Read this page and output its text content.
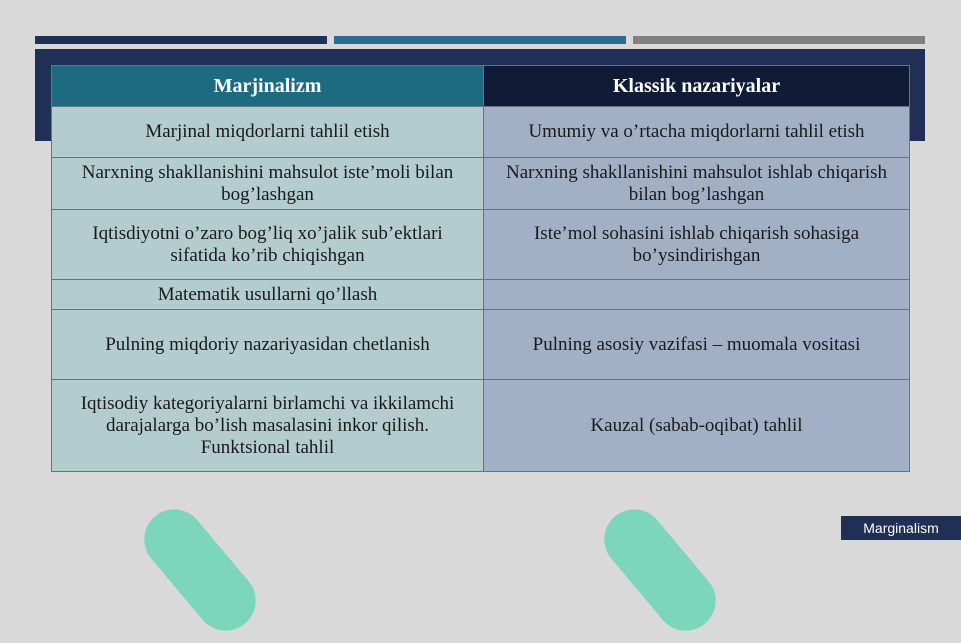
Marjinalizm	Klassik nazariyalar
Marjinal miqdorlarni tahlil etish	Umumiy va o’rtacha miqdorlarni tahlil etish
Narxning shakllanishini mahsulot iste’moli bilan bog’lashgan	Narxning shakllanishini mahsulot ishlab chiqarish bilan bog’lashgan
Iqtisdiyotni o’zaro bog’liq xo’jalik sub’ektlari sifatida ko’rib chiqishgan	Iste’mol sohasini ishlab chiqarish sohasiga bo’ysindirishgan
Matematik usullarni qo’llash	
Pulning miqdoriy nazariyasidan chetlanish	Pulning asosiy vazifasi – muomala vositasi
Iqtisodiy kategoriyalarni birlamchi va ikkilamchi darajalarga bo’lish masalasini inkor qilish. Funktsional tahlil	Kauzal (sabab-oqibat) tahlil
Marginalism
